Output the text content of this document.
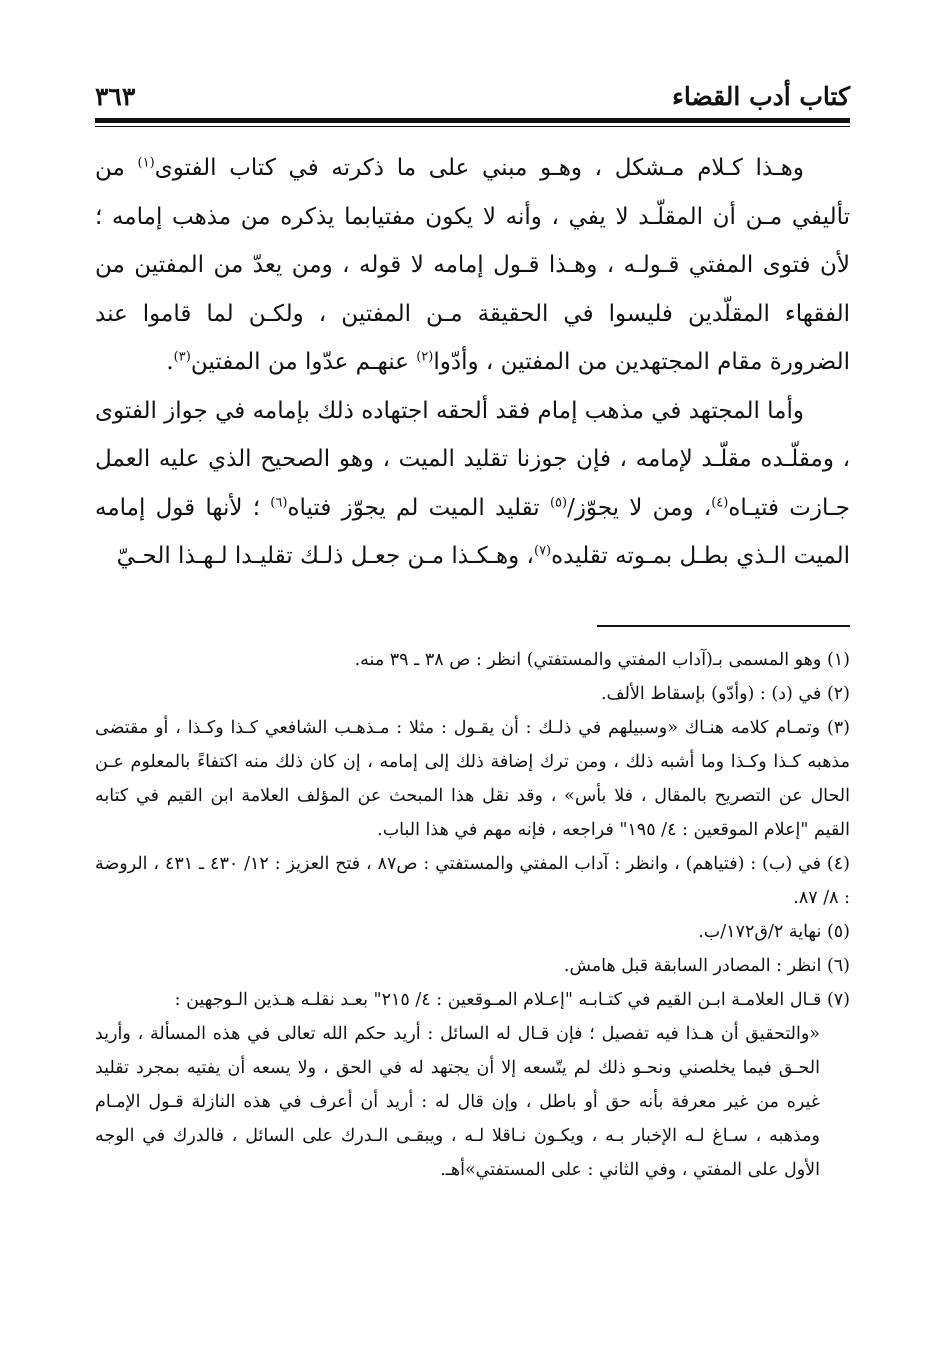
كتاب أدب القضاء
٣٦٣

وهـذا كـلام مـشكل ، وهـو مبني على ما ذكرته في كتاب الفتوى$^{(١)}$ من تأليفي مـن أن المقلّـد لا يفي ، وأنه لا يكون مفتيابما يذكره من مذهب إمامه ؛ لأن فتوى المفتي قـولـه ، وهـذا قـول إمامه لا قوله ، ومن يعدّ من المفتين من الفقهاء المقلّدين فليسوا في الحقيقة مـن المفتين ، ولكـن لما قاموا عند الضرورة مقام المجتهدين من المفتين ، وأدّوا$^{(٢)}$ عنهـم عدّوا من المفتين$^{(٣)}$.

وأما المجتهد في مذهب إمام فقد ألحقه اجتهاده ذلك بإمامه في جواز الفتوى ، ومقلّـده مقلّـد لإمامه ، فإن جوزنا تقليد الميت ، وهو الصحيح الذي عليه العمل جـازت فتيـاه$^{(٤)}$، ومن لا يجوّز/$^{(٥)}$ تقليد الميت لم يجوّز فتياه$^{(٦)}$ ؛ لأنها قول إمامه الميت الـذي بطـل بمـوته تقليده$^{(٧)}$، وهـكـذا مـن جعـل ذلـك تقليـدا لـهـذا الحـيّ

(١) وهو المسمى بـ(آداب المفتي والمستفتي) انظر : ص ٣٨ ـ ٣٩ منه.

(٢) في (د) : (وأدّو) بإسقاط الألف.

(٣) وتمـام كلامه هنـاك «وسبيلهم في ذلـك : أن يقـول : مثلا : مـذهـب الشافعي كـذا وكـذا ، أو مقتضى مذهبه كـذا وكـذا وما أشبه ذلك ، ومن ترك إضافة ذلك إلى إمامه ، إن كان ذلك منه اكتفاءً بالمعلوم عـن الحال عن التصريح بالمقال ، فلا بأس» ، وقد نقل هذا المبحث عن المؤلف العلامة ابن القيم في كتابه القيم "إعلام الموقعين : ٤/ ١٩٥" فراجعه ، فإنه مهم في هذا الباب.

(٤) في (ب) : (فتياهم) ، وانظر : آداب المفتي والمستفتي : ص٨٧ ، فتح العزيز : ١٢/ ٤٣٠ ـ ٤٣١ ، الروضة : ٨/ ٨٧.

(٥) نهاية ٢/ق١٧٢/ب.

(٦) انظر : المصادر السابقة قبل هامش.

(٧) قـال العلامـة ابـن القيم في كتـابـه "إعـلام المـوقعين : ٤/ ٢١٥" بعـد نقلـه هـذين الـوجهين :

«والتحقيق أن هـذا فيه تفصيل ؛ فإن قـال له السائل : أريد حكم الله تعالى في هذه المسألة ، وأريد الحـق فيما يخلصني ونحـو ذلك لم يتّسعه إلا أن يجتهد له في الحق ، ولا يسعه أن يفتيه بمجرد تقليد غيره من غير معرفة بأنه حق أو باطل ، وإن قال له : أريد أن أعرف في هذه النازلة قـول الإمـام ومذهبه ، سـاغ لـه الإخبار بـه ، ويكـون نـاقلا لـه ، ويبقـى الـدرك على السائل ، فالدرك في الوجه الأول على المفتي ، وفي الثاني : على المستفتي»أهـ.
